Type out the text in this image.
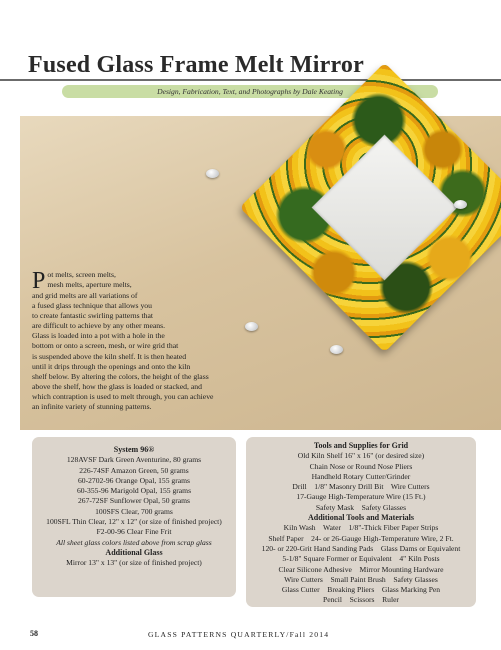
Fused Glass Frame Melt Mirror
Design, Fabrication, Text, and Photographs by Dale Keating
P ot melts, screen melts,
mesh melts, aperture melts,
and grid melts are all variations of
a fused glass technique that allows you
to create fantastic swirling patterns that
are difficult to achieve by any other means.
Glass is loaded into a pot with a hole in the
bottom or onto a screen, mesh, or wire grid that
is suspended above the kiln shelf. It is then heated
until it drips through the openings and onto the kiln
shelf below. By altering the colors, the height of the glass
above the shelf, how the glass is loaded or stacked, and
which contraption is used to melt through, you can achieve
an infinite variety of stunning patterns.
System 96®
128AVSF Dark Green Aventurine, 80 grams
226-74SF Amazon Green, 50 grams
60-2702-96 Orange Opal, 155 grams
60-355-96 Marigold Opal, 155 grams
267-72SF Sunflower Opal, 50 grams
100SFS Clear, 700 grams
100SFL Thin Clear, 12" x 12" (or size of finished project)
F2-00-96 Clear Fine Frit
All sheet glass colors listed above from scrap glass
Additional Glass
Mirror 13" x 13" (or size of finished project)
Tools and Supplies for Grid
Old Kiln Shelf 16" x 16" (or desired size)
Chain Nose or Round Nose Pliers
Handheld Rotary Cutter/Grinder
Drill    1/8" Masonry Drill Bit    Wire Cutters
17-Gauge High-Temperature Wire (15 Ft.)
Safety Mask    Safety Glasses
Additional Tools and Materials
Kiln Wash    Water    1/8"-Thick Fiber Paper Strips
Shelf Paper    24- or 26-Gauge High-Temperature Wire, 2 Ft.
120- or 220-Grit Hand Sanding Pads    Glass Dams or Equivalent
5-1/8" Square Former or Equivalent    4" Kiln Posts
Clear Silicone Adhesive    Mirror Mounting Hardware
Wire Cutters    Small Paint Brush    Safety Glasses
Glass Cutter    Breaking Pliers    Glass Marking Pen
Pencil    Scissors    Ruler
58	GLASS PATTERNS QUARTERLY/Fall 2014
